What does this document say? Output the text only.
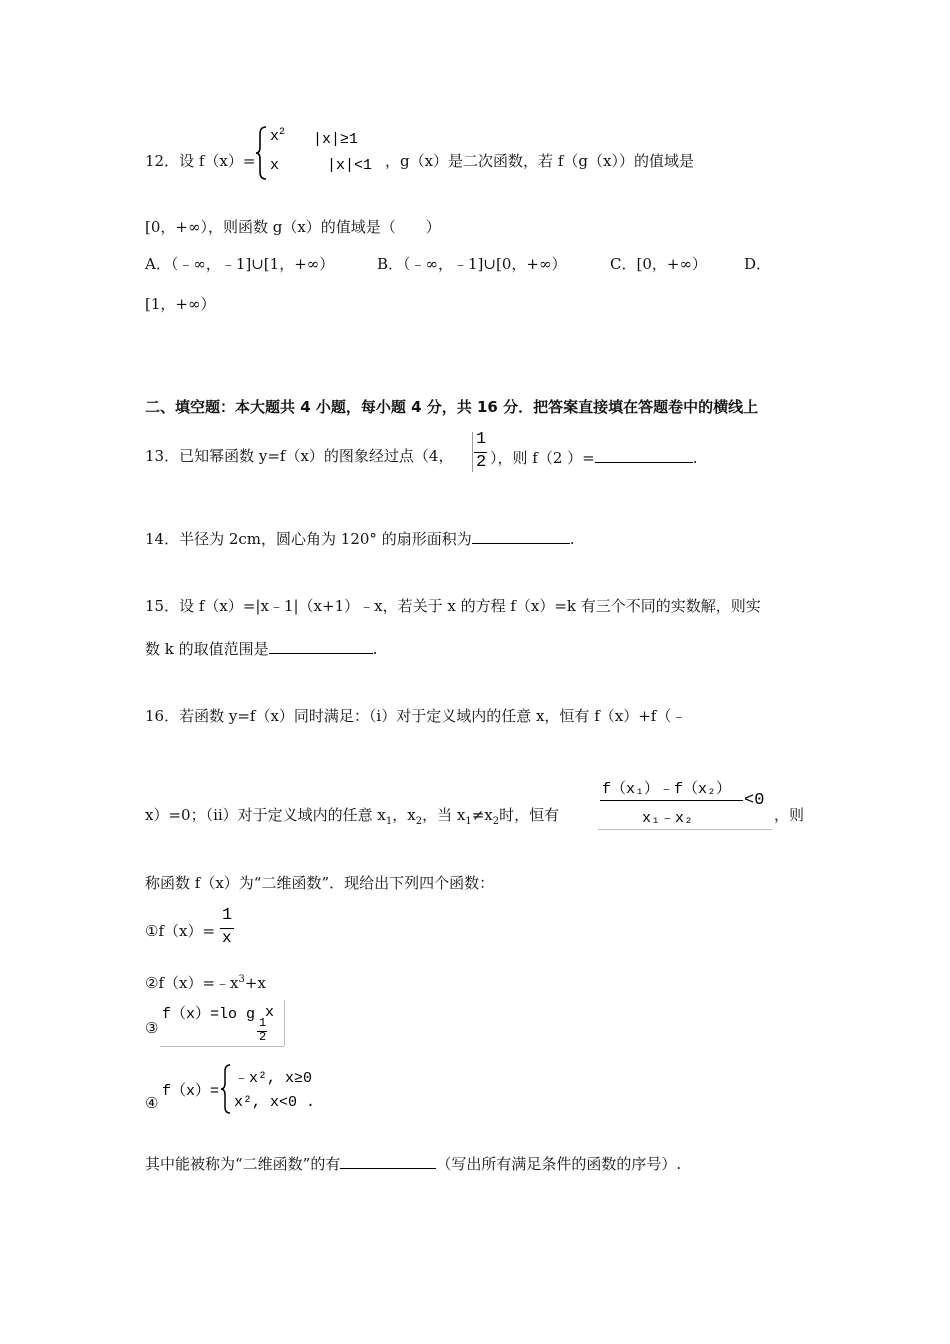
12．设 f（x）=
$x^2$ |x|≥1
x	|x|<1 ，g（x）是二次函数，若 f（g（x））的值域是
[0，+∞），则函数 g（x）的值域是（　　）
A．（﹣∞，﹣1]∪[1，+∞）	B．（﹣∞，﹣1]∪[0，+∞）	C．[0，+∞） D．
[1，+∞）
二、填空题：本大题共 4 小题，每小题 4 分，共 16 分．把答案直接填在答题卷中的横线上
13．已知幂函数 y=f（x）的图象经过点（4，
1
2 ），则 f（2 ）=	.
14．半径为 2cm，圆心角为 120° 的扇形面积为	.
15．设 f（x）=|x﹣1|（x+1）﹣x，若关于 x 的方程 f（x）=k 有三个不同的实数解，则实
数 k 的取值范围是	.
16．若函数 y=f（x）同时满足：（ⅰ）对于定义域内的任意 x，恒有 f（x）+f（﹣
x）=0；（ⅱ）对于定义域内的任意 $x_1$，$x_2$，当 $x_1\ne x_2$时，恒有
f（x₁）﹣f（x₂）
x₁﹣x₂
<0
，则
称函数 f（x）为“二维函数”．现给出下列四个函数：
①f（x）=
1
x
$②f(x)=﹣x^3+x$
③
f（x）=lo g x
1
2
④
f（x）=
﹣x², x≥0
x², x<0 .
其中能被称为“二维函数”的有	（写出所有满足条件的函数的序号）.
